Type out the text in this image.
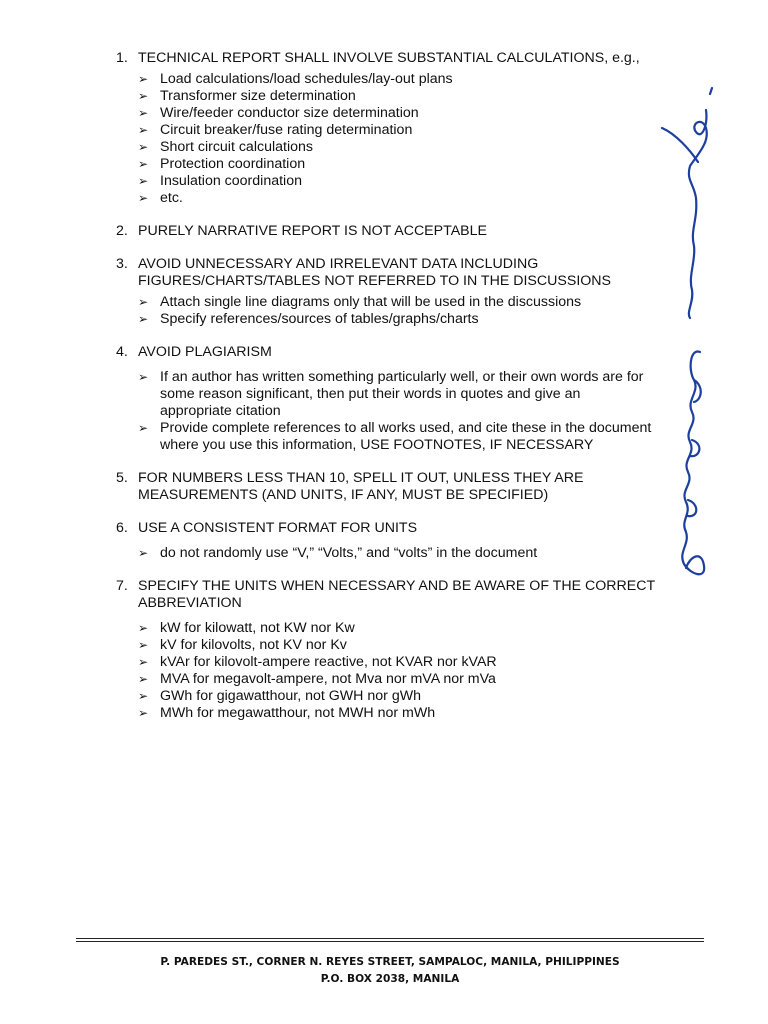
1. TECHNICAL REPORT SHALL INVOLVE SUBSTANTIAL CALCULATIONS, e.g.,
➢ Load calculations/load schedules/lay-out plans
➢ Transformer size determination
➢ Wire/feeder conductor size determination
➢ Circuit breaker/fuse rating determination
➢ Short circuit calculations
➢ Protection coordination
➢ Insulation coordination
➢ etc.
2. PURELY NARRATIVE REPORT IS NOT ACCEPTABLE
3. AVOID UNNECESSARY AND IRRELEVANT DATA INCLUDING FIGURES/CHARTS/TABLES NOT REFERRED TO IN THE DISCUSSIONS
➢ Attach single line diagrams only that will be used in the discussions
➢ Specify references/sources of tables/graphs/charts
4. AVOID PLAGIARISM
➢ If an author has written something particularly well, or their own words are for some reason significant, then put their words in quotes and give an appropriate citation
➢ Provide complete references to all works used, and cite these in the document where you use this information, USE FOOTNOTES, IF NECESSARY
5. FOR NUMBERS LESS THAN 10, SPELL IT OUT, UNLESS THEY ARE MEASUREMENTS (AND UNITS, IF ANY, MUST BE SPECIFIED)
6. USE A CONSISTENT FORMAT FOR UNITS
➢ do not randomly use “V,” “Volts,” and “volts” in the document
7. SPECIFY THE UNITS WHEN NECESSARY AND BE AWARE OF THE CORRECT ABBREVIATION
➢ kW for kilowatt, not KW nor Kw
➢ kV for kilovolts, not KV nor Kv
➢ kVAr for kilovolt-ampere reactive, not KVAR nor kVAR
➢ MVA for megavolt-ampere, not Mva nor mVA nor mVa
➢ GWh for gigawatthour, not GWH nor gWh
➢ MWh for megawatthour, not MWH nor mWh
P. PAREDES ST., CORNER N. REYES STREET, SAMPALOC, MANILA, PHILIPPINES
P.O. BOX 2038, MANILA
